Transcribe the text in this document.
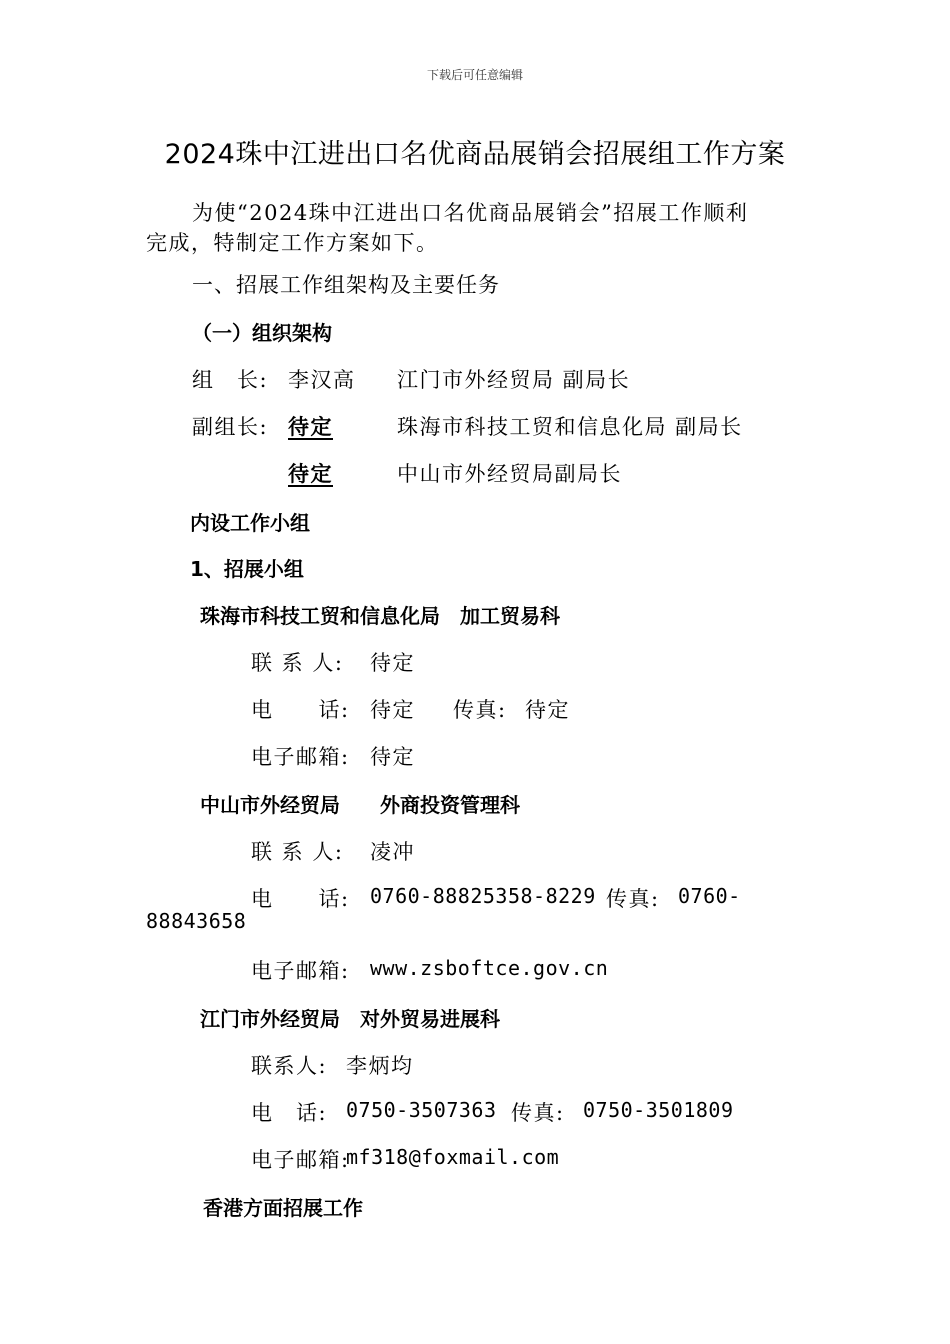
下载后可任意编辑
2024珠中江进出口名优商品展销会招展组工作方案
为使“2024珠中江进出口名优商品展销会”招展工作顺利
完成，特制定工作方案如下。
一、招展工作组架构及主要任务
（一）组织架构
组　长: 李汉高 江门市外经贸局 副局长
副组长: 待定	珠海市科技工贸和信息化局 副局长
待定	中山市外经贸局副局长
内设工作小组
1、招展小组
珠海市科技工贸和信息化局　加工贸易科
联 系 人: 待定
电　　话: 待定 传真: 待定
电子邮箱: 待定
中山市外经贸局　　外商投资管理科
联 系 人: 凌冲
电　　话: 0760-88825358-8229 传真: 0760-
88843658
电子邮箱: www.zsboftce.gov.cn
江门市外经贸局　对外贸易进展科
联系人: 李炳均
电　话: 0750-3507363 传真: 0750-3501809
电子邮箱:
mf318@foxmail.com
香港方面招展工作
